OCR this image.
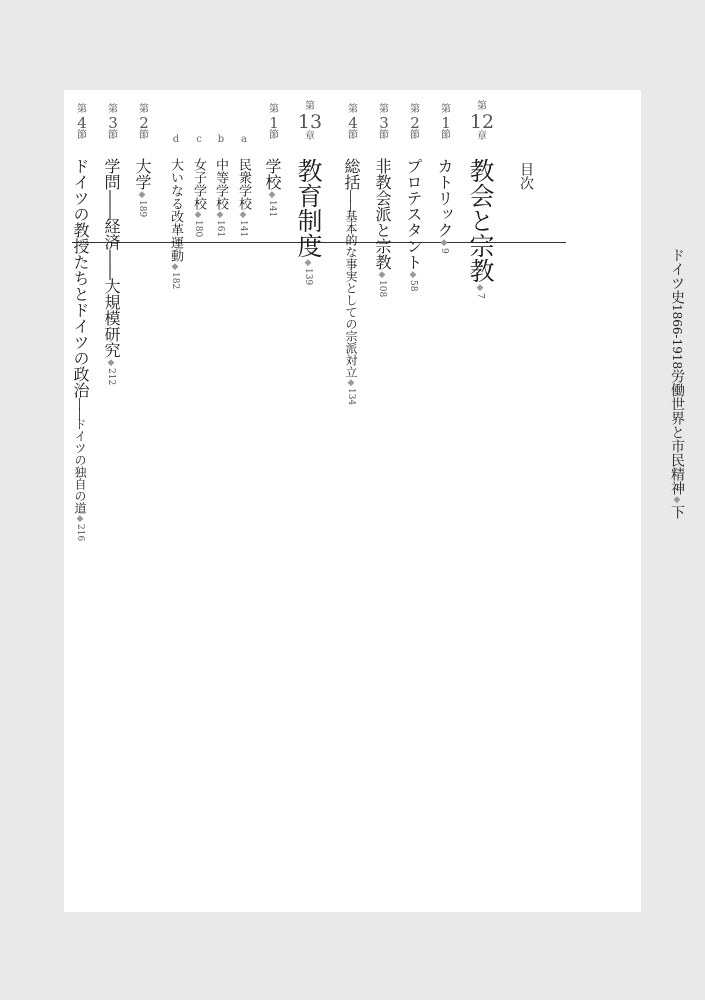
ドイツ史1866-1918労働世界と市民精神◆下
目次
第
12
章
教会と宗教◆7
第
1
節
カトリック◆9
第
2
節
プロテスタント◆58
第
3
節
非教会派と宗教◆108
第
4
節
総括――基本的な事実としての宗派対立◆134
第
13
章
教育制度◆139
第
1
節
学校◆141
a
民衆学校◆141
b
中等学校◆161
c
女子学校◆180
d
大いなる改革運動◆182
第
2
節
大学◆189
第
3
節
学問――経済――大規模研究◆212
第
4
節
ドイツの教授たちとドイツの政治――ドイツの独自の道◆216
